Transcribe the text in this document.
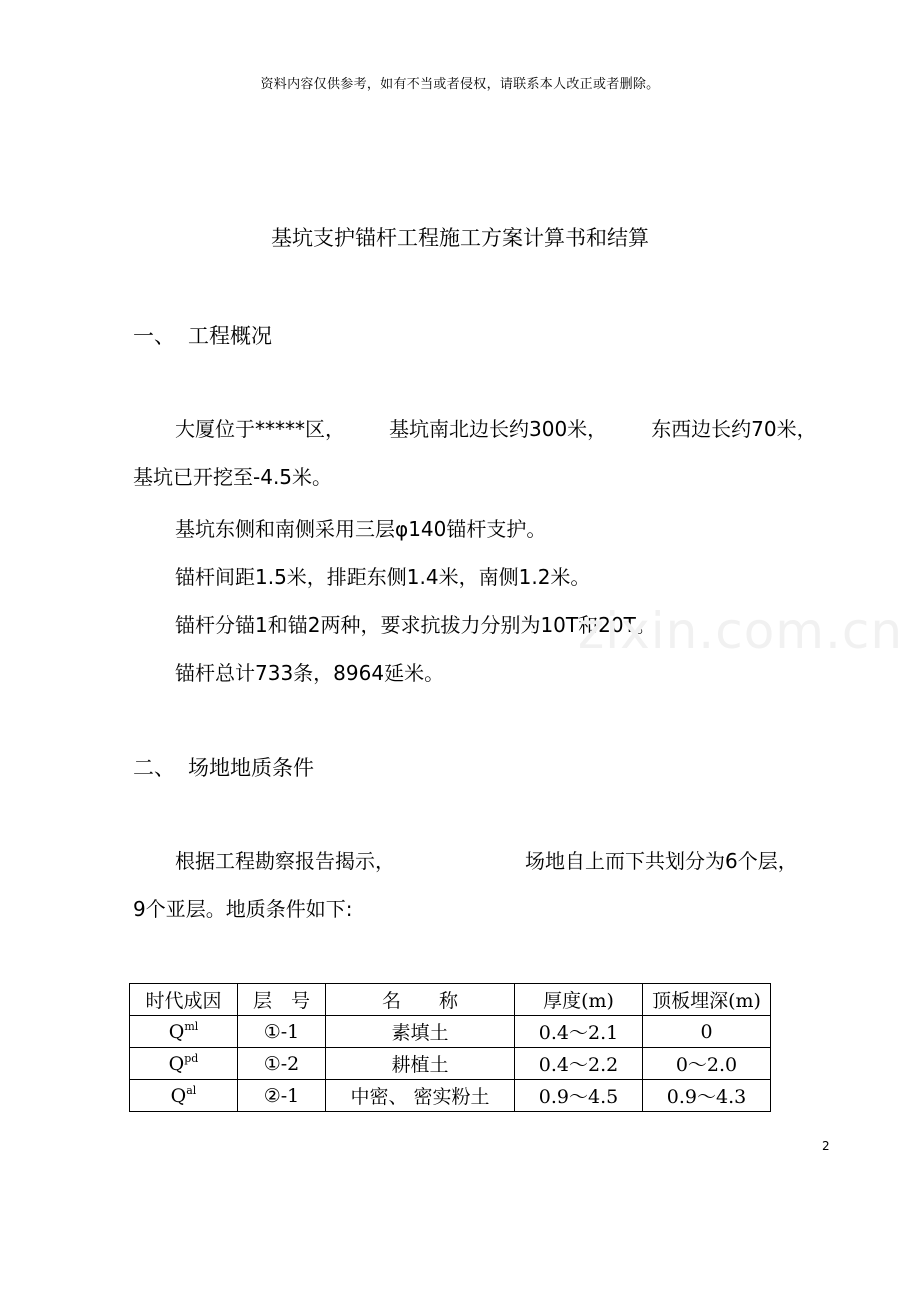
资料内容仅供参考，如有不当或者侵权，请联系本人改正或者删除。
基坑支护锚杆工程施工方案计算书和结算
一、 工程概况
大厦位于*****区， 基坑南北边长约300米， 东西边长约70米，
基坑已开挖至-4.5米。
基坑东侧和南侧采用三层φ140锚杆支护。
锚杆间距1.5米，排距东侧1.4米，南侧1.2米。
锚杆分锚1和锚2两种，要求抗拔力分别为10T和20T。
锚杆总计733条，8964延米。
zixin.com.cn
二、 场地地质条件
根据工程勘察报告揭示，	场地自上而下共划分为6个层，
9个亚层。地质条件如下:
时代成因	层　号	名　　称	厚度(m)	顶板埋深(m)
$Q^{ml}$	①-1	素填土	0.4～2.1	0
$Q^{pd}$	①-2	耕植土	0.4～2.2	0～2.0
$Q^{al}$	②-1	中密、 密实粉土	0.9～4.5	0.9～4.3
2
